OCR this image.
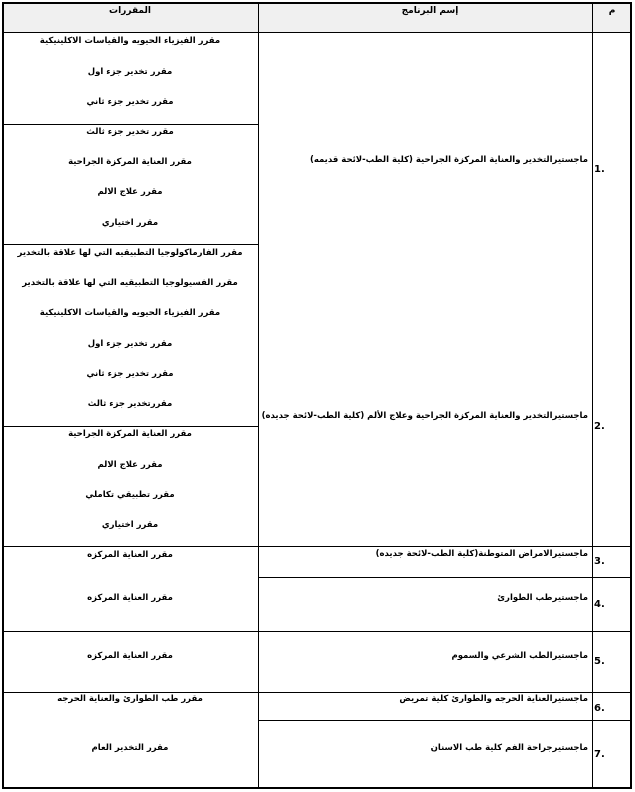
المقررات	إسم البرنامج	م
1.
2.
3.
4.
5.
6.
7.
ماجستيرالتخدير والعناية المركزة الجراحية (كلية الطب-لائحة قديمه)
ماجستيرالتخدير والعناية المركزة الجراحية وعلاج الألم (كلية الطب-لائحة جديده)
ماجستيرالامراض المتوطنة(كلية الطب-لائحة جديده)
ماجستيرطب الطوارئ
ماجستيرالطب الشرعي والسموم
ماجستيرالعناية الحرجه والطوارئ كلية تمريض
ماجستيرجراحة الفم كلية طب الاسنان
مقرر الفيزياء الحيويه والقياسات الاكلينيكية
مقرر تخدير جزء اول
مقرر تخدير جزء ثاني
مقرر تخدير جزء ثالث
مقرر العناية المركزة الجراحية
مقرر علاج الالم
مقرر اختياري
مقرر الفارماكولوجيا التطبيقيه التي لها علاقة بالتخدير
مقرر الفسيولوجيا التطبيقيه التي لها علاقة بالتخدير
مقرر الفيزياء الحيويه والقياسات الاكلينيكية
مقرر تخدير جزء اول
مقرر تخدير جزء ثاني
مقررتخدير جزء ثالث
مقرر العناية المركزة الجراحية
مقرر علاج الالم
مقرر تطبيقي تكاملي
مقرر اختياري
مقرر العناية المركزه
مقرر العناية المركزه
مقرر العناية المركزه
مقرر طب الطوارئ والعناية الحرجه
مقرر التخدير العام
